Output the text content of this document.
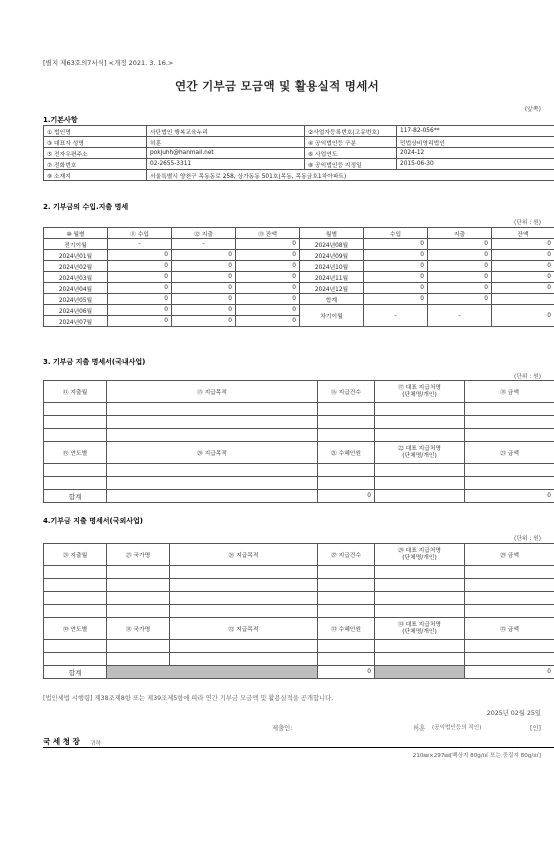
[별지 제63호의7서식] <개정 2021. 3. 16.>
연간 기부금 모금액 및 활용실적 명세서
(앞쪽)
1.기본사항
① 법인명	사단법인 행복교육누리	②사업자등록번호(고유번호)	117-82-056**
③ 대표자 성명	허훈	④ 공익법인등 구분	민법상비영리법인
⑤ 전자우편주소	pokjuhh@hanmail.net	⑥ 사업연도	2024-12
⑦ 전화번호	02-2655-3311	⑧ 공익법인등 지정일	2015-06-30
⑨ 소재지	서울특별시 양천구 목동동로 258, 상가동동 501호(목동, 목동금호1차아파트)		
2. 기부금의 수입.지출 명세
(단위 : 원)
⑩ 월별	⑪ 수입	⑫ 지출	⑬ 잔액	월별	수입	지출	잔액
전기이월	-	-	0	2024년08월	0	0	0
2024년01월	0	0	0	2024년09월	0	0	0
2024년02월	0	0	0	2024년10월	0	0	0
2024년03월	0	0	0	2024년11월	0	0	0
2024년04월	0	0	0	2024년12월	0	0	0
2024년05월	0	0	0	합계	0	0	
2024년06월	0	0	0	차기이월	-	-	0
2024년07월	0	0	0				
3. 기부금 지출 명세서(국내사업)
(단위 : 원)
⑭ 지출월	⑮ 지급목적	⑯ 지급건수	⑰ 대표 지급처명
(단체명/개인)	⑱ 금액

⑲ 연도별	⑳ 지급목적	㉑ 수혜인원	㉒ 대표 지급처명
(단체명/개인)	㉓ 금액

합계		0		0
4.기부금 지출 명세서(국외사업)
(단위 : 원)
㉔ 지출월	㉕ 국가명	㉖ 지급목적	㉗ 지급건수	㉘ 대표 지급처명
(단체명/개인)	㉙ 금액

㉚ 연도별	㉛ 국가명	㉜ 지급목적	㉝ 수혜인원	㉞ 대표 지급처명
(단체명/개인)	㉟ 금액

합계			0		0
[법인세법 시행령] 제38조제8항 또는 제39조제5항에 따라 연간 기부금 모금액 및 활용실적을 공개합니다.
2025년 02월 25일
제출인:	허훈 (공익법인등의 직인)	[인]
국 세 청 장 귀하
210㎜×297㎜[백상지 80g/㎡ 또는 중질지 80g/㎡]
